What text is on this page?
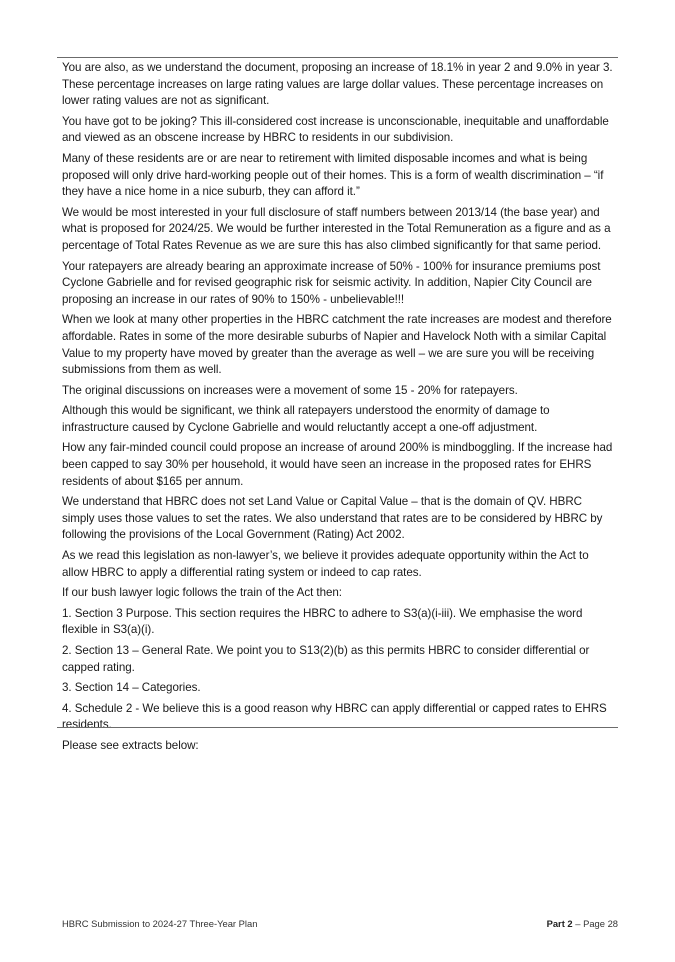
You are also, as we understand the document, proposing an increase of 18.1% in year 2 and 9.0% in year 3. These percentage increases on large rating values are large dollar values. These percentage increases on lower rating values are not as significant.

You have got to be joking? This ill-considered cost increase is unconscionable, inequitable and unaffordable and viewed as an obscene increase by HBRC to residents in our subdivision.

Many of these residents are or are near to retirement with limited disposable incomes and what is being proposed will only drive hard-working people out of their homes. This is a form of wealth discrimination – “if they have a nice home in a nice suburb, they can afford it.”

We would be most interested in your full disclosure of staff numbers between 2013/14 (the base year) and what is proposed for 2024/25. We would be further interested in the Total Remuneration as a figure and as a percentage of Total Rates Revenue as we are sure this has also climbed significantly for that same period.

Your ratepayers are already bearing an approximate increase of 50% - 100% for insurance premiums post Cyclone Gabrielle and for revised geographic risk for seismic activity. In addition, Napier City Council are proposing an increase in our rates of 90% to 150% - unbelievable!!!

When we look at many other properties in the HBRC catchment the rate increases are modest and therefore affordable. Rates in some of the more desirable suburbs of Napier and Havelock Noth with a similar Capital Value to my property have moved by greater than the average as well – we are sure you will be receiving submissions from them as well.

The original discussions on increases were a movement of some 15 - 20% for ratepayers.

Although this would be significant, we think all ratepayers understood the enormity of damage to infrastructure caused by Cyclone Gabrielle and would reluctantly accept a one-off adjustment.

How any fair-minded council could propose an increase of around 200% is mindboggling. If the increase had been capped to say 30% per household, it would have seen an increase in the proposed rates for EHRS residents of about $165 per annum.

We understand that HBRC does not set Land Value or Capital Value – that is the domain of QV. HBRC simply uses those values to set the rates. We also understand that rates are to be considered by HBRC by following the provisions of the Local Government (Rating) Act 2002.

As we read this legislation as non-lawyer’s, we believe it provides adequate opportunity within the Act to allow HBRC to apply a differential rating system or indeed to cap rates.

If our bush lawyer logic follows the train of the Act then:

1. Section 3 Purpose. This section requires the HBRC to adhere to S3(a)(i-iii). We emphasise the word flexible in S3(a)(i).

2. Section 13 – General Rate. We point you to S13(2)(b) as this permits HBRC to consider differential or capped rating.

3. Section 14 – Categories.

4. Schedule 2 - We believe this is a good reason why HBRC can apply differential or capped rates to EHRS residents.

Please see extracts below:

HBRC Submission to 2024-27 Three-Year Plan	Part 2 – Page 28
